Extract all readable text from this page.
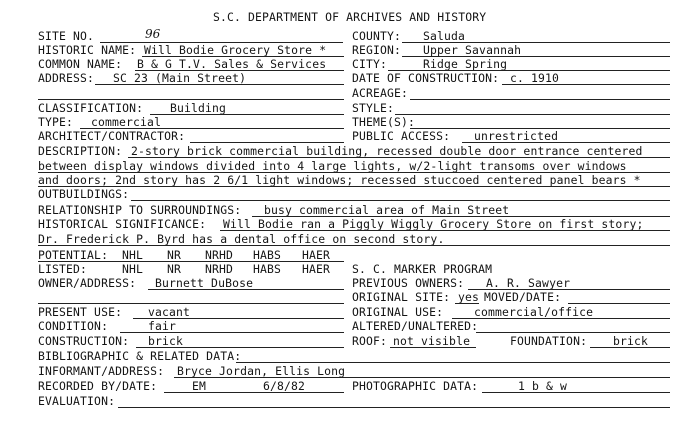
S.C. DEPARTMENT OF ARCHIVES AND HISTORY
SITE NO.	96	COUNTY: Saluda
HISTORIC NAME: Will Bodie Grocery Store * REGION: Upper Savannah
COMMON NAME: B & G T.V. Sales & Services CITY:	Ridge Spring
ADDRESS: SC 23 (Main Street)	DATE OF CONSTRUCTION: c. 1910
ACREAGE:
CLASSIFICATION: Building	STYLE:
TYPE: commercial	THEME(S):
ARCHITECT/CONTRACTOR:	PUBLIC ACCESS: unrestricted
DESCRIPTION: 2-story brick commercial building, recessed double door entrance centered
between display windows divided into 4 large lights, w/2-light transoms over windows
and doors; 2nd story has 2 6/1 light windows; recessed stuccoed centered panel bears *
OUTBUILDINGS:
RELATIONSHIP TO SURROUNDINGS: busy commercial area of Main Street
HISTORICAL SIGNIFICANCE: Will Bodie ran a Piggly Wiggly Grocery Store on first story;
Dr. Frederick P. Byrd has a dental office on second story.
POTENTIAL: NHL NR NRHD HABS HAER
LISTED:	NHL NR NRHD HABS HAER S. C. MARKER PROGRAM
OWNER/ADDRESS: Burnett DuBose	PREVIOUS OWNERS: A. R. Sawyer
ORIGINAL SITE: yes MOVED/DATE:
PRESENT USE: vacant	ORIGINAL USE:	commercial/office
CONDITION:	fair	ALTERED/UNALTERED:
CONSTRUCTION: brick	ROOF: not visible	FOUNDATION: brick
BIBLIOGRAPHIC & RELATED DATA:
INFORMANT/ADDRESS: Bryce Jordan, Ellis Long
RECORDED BY/DATE:	EM	6/8/82	PHOTOGRAPHIC DATA:	1 b & w
EVALUATION:
